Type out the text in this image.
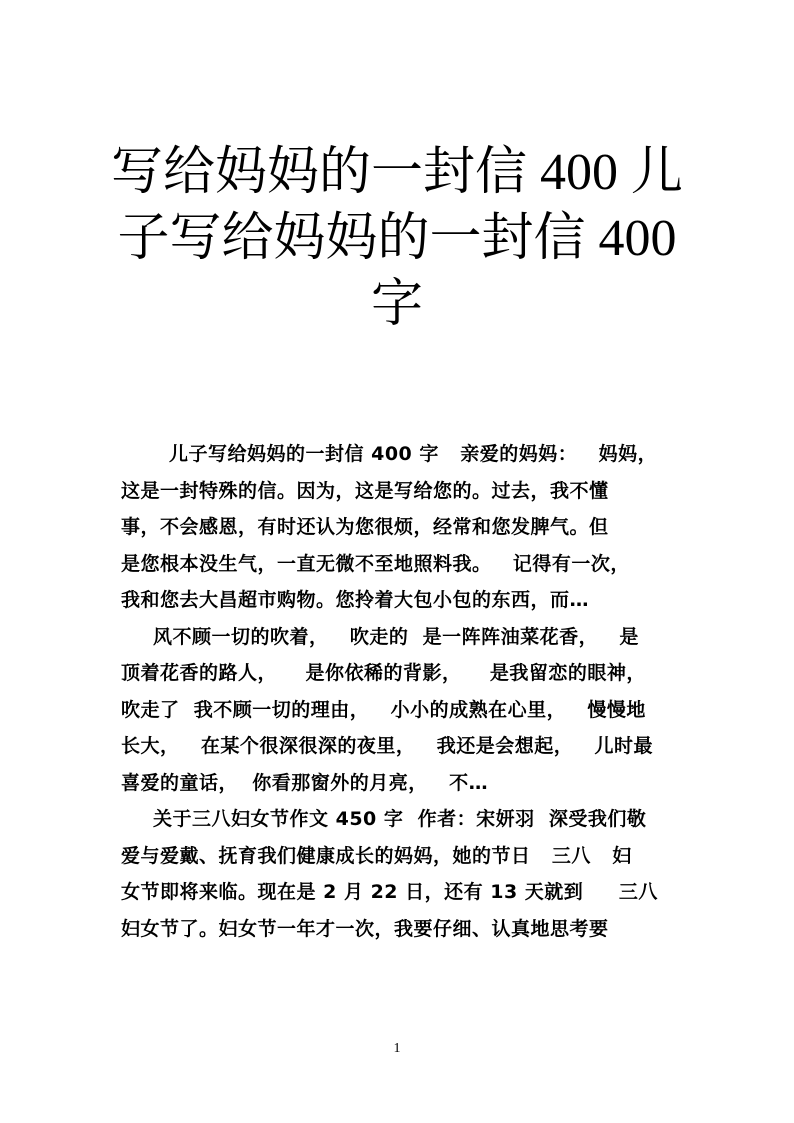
写给妈妈的一封信 400 儿
子写给妈妈的一封信 400
字
儿子写给妈妈的一封信 400 字   亲爱的妈妈：   妈妈，
这是一封特殊的信。因为，这是写给您的。过去，我不懂
事，不会感恩，有时还认为您很烦，经常和您发脾气。但
是您根本没生气，一直无微不至地照料我。   记得有一次，
我和您去大昌超市购物。您拎着大包小包的东西，而…
风不顾一切的吹着，   吹走的  是一阵阵油菜花香，   是
顶着花香的路人，    是你依稀的背影，    是我留恋的眼神，
吹走了  我不顾一切的理由，   小小的成熟在心里，   慢慢地
长大，   在某个很深很深的夜里，   我还是会想起，   儿时最
喜爱的童话，  你看那窗外的月亮，   不…
关于三八妇女节作文 450 字  作者：宋妍羽  深受我们敬
爱与爱戴、抚育我们健康成长的妈妈，她的节日   三八   妇
女节即将来临。现在是 2 月 22 日，还有 13 天就到     三八
妇女节了。妇女节一年才一次，我要仔细、认真地思考要
1
